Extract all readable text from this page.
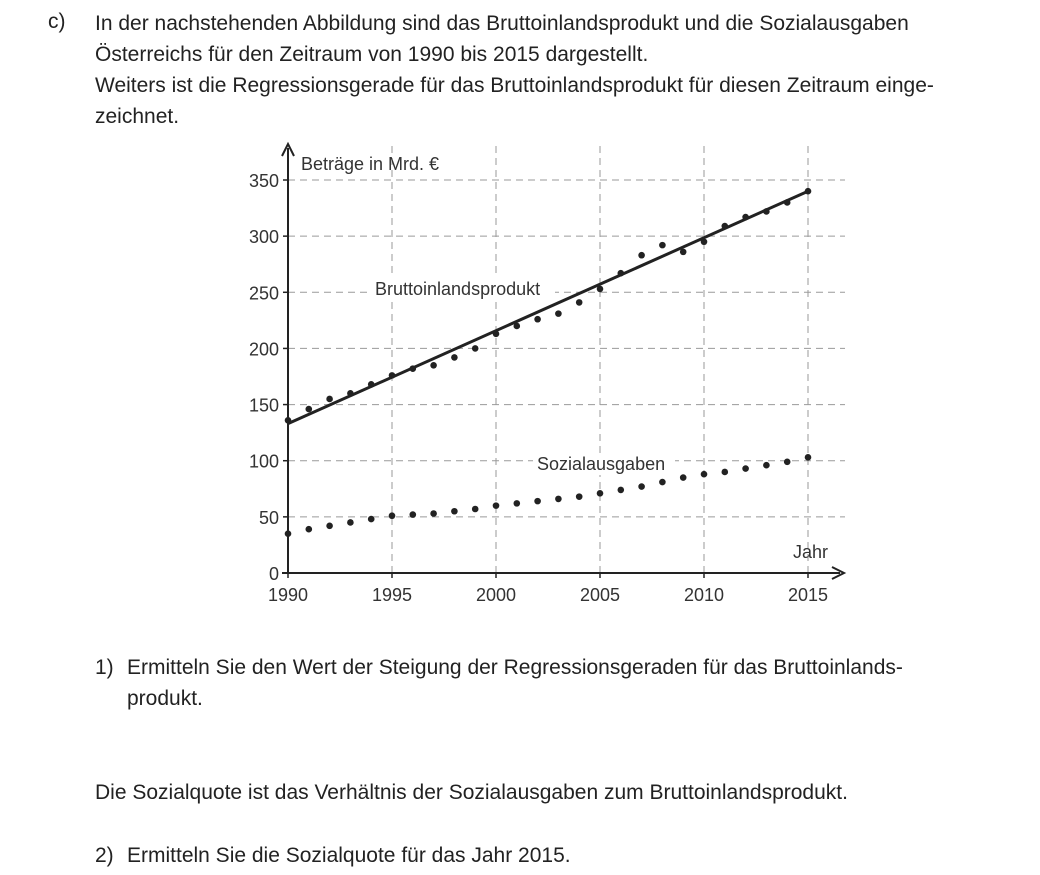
c) In der nachstehenden Abbildung sind das Bruttoinlandsprodukt und die Sozialausgaben

Österreichs für den Zeitraum von 1990 bis 2015 dargestellt.

Weiters ist die Regressionsgerade für das Bruttoinlandsprodukt für diesen Zeitraum einge-

zeichnet.

0
50
100
150
200
250
300
350
1990	1995	2000	2005	2010	2015
Beträge in Mrd. €
Jahr
Bruttoinlandsprodukt
Sozialausgaben
1) Ermitteln Sie den Wert der Steigung der Regressionsgeraden für das Bruttoinlands-

produkt.

Die Sozialquote ist das Verhältnis der Sozialausgaben zum Bruttoinlandsprodukt.

2) Ermitteln Sie die Sozialquote für das Jahr 2015.
